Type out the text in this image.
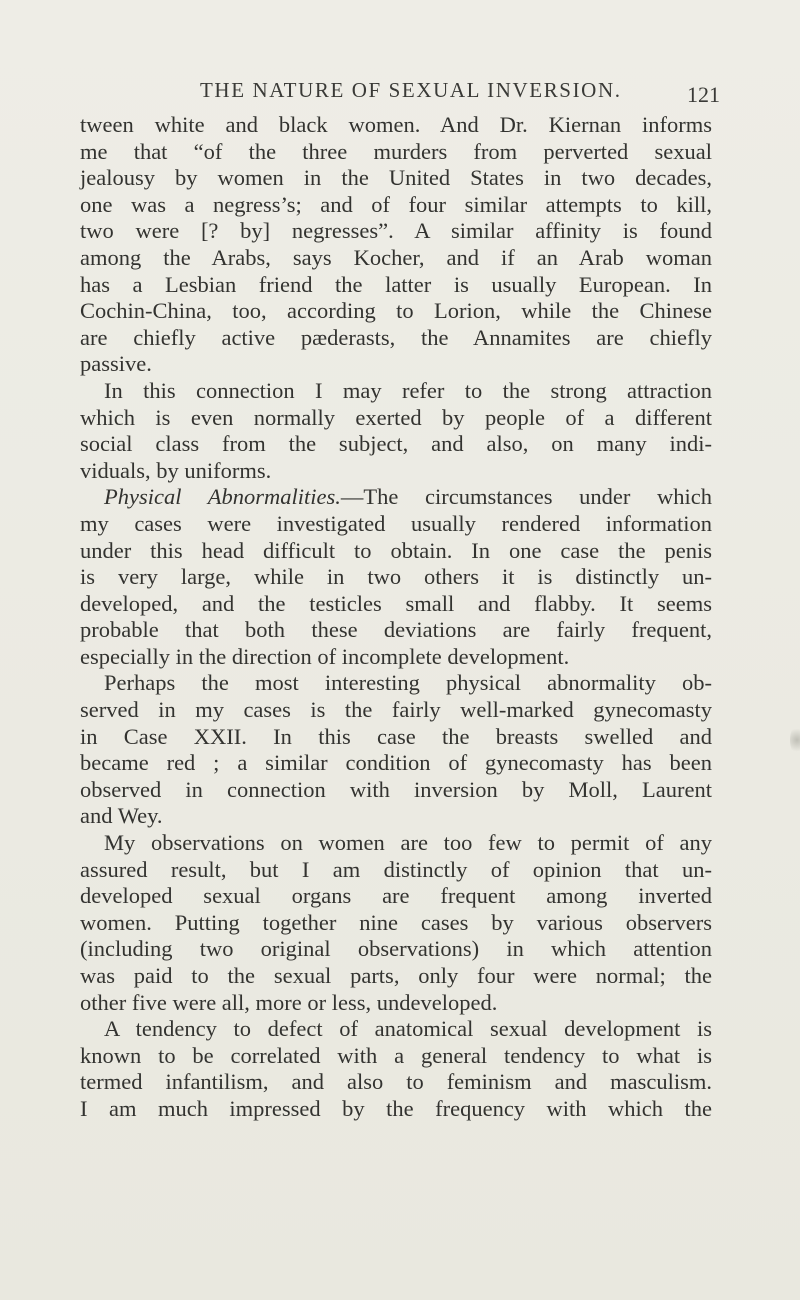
THE NATURE OF SEXUAL INVERSION.	121
tween white and black women. And Dr. Kiernan informs
me that “of the three murders from perverted sexual
jealousy by women in the United States in two decades,
one was a negress’s; and of four similar attempts to kill,
two were [? by] negresses”. A similar affinity is found
among the Arabs, says Kocher, and if an Arab woman
has a Lesbian friend the latter is usually European. In
Cochin-China, too, according to Lorion, while the Chinese
are chiefly active pæderasts, the Annamites are chiefly
passive.
In this connection I may refer to the strong attraction
which is even normally exerted by people of a different
social class from the subject, and also, on many indi-
viduals, by uniforms.
Physical Abnormalities.—The circumstances under which
my cases were investigated usually rendered information
under this head difficult to obtain. In one case the penis
is very large, while in two others it is distinctly un-
developed, and the testicles small and flabby. It seems
probable that both these deviations are fairly frequent,
especially in the direction of incomplete development.
Perhaps the most interesting physical abnormality ob-
served in my cases is the fairly well-marked gynecomasty
in Case XXII. In this case the breasts swelled and
became red ; a similar condition of gynecomasty has been
observed in connection with inversion by Moll, Laurent
and Wey.
My observations on women are too few to permit of any
assured result, but I am distinctly of opinion that un-
developed sexual organs are frequent among inverted
women. Putting together nine cases by various observers
(including two original observations) in which attention
was paid to the sexual parts, only four were normal; the
other five were all, more or less, undeveloped.
A tendency to defect of anatomical sexual development is
known to be correlated with a general tendency to what is
termed infantilism, and also to feminism and masculism.
I am much impressed by the frequency with which the
